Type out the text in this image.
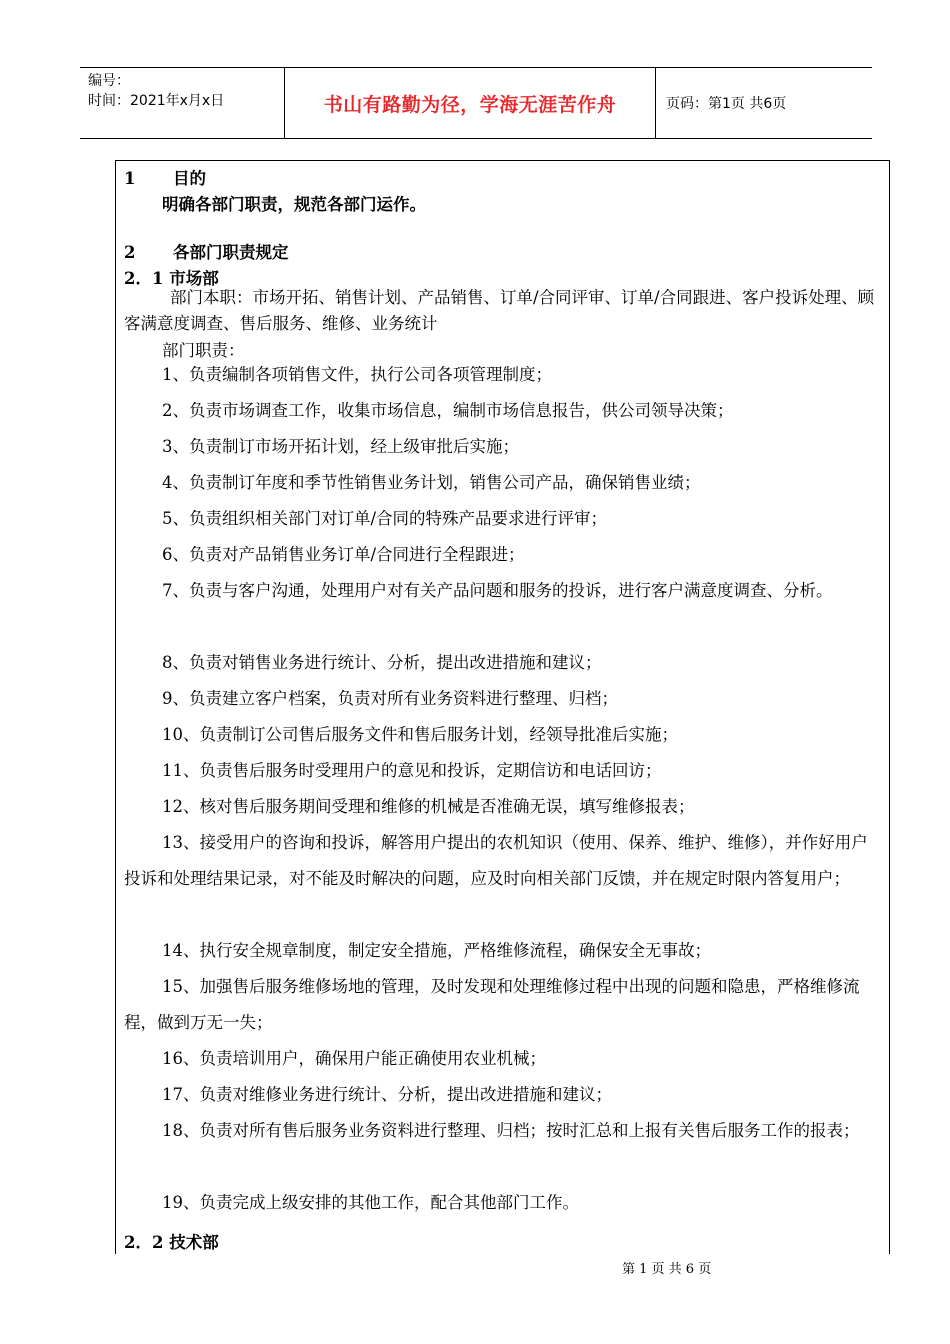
编号：
时间：2021年x月x日	书山有路勤为径，学海无涯苦作舟	页码：第1页 共6页
1 目的
明确各部门职责，规范各部门运作。
2 各部门职责规定
2．1 市场部
部门本职：市场开拓、销售计划、产品销售、订单/合同评审、订单/合同跟进、客户投诉处理、顾客满意度调查、售后服务、维修、业务统计
部门职责：
1、负责编制各项销售文件，执行公司各项管理制度；
2、负责市场调查工作，收集市场信息，编制市场信息报告，供公司领导决策；
3、负责制订市场开拓计划，经上级审批后实施；
4、负责制订年度和季节性销售业务计划，销售公司产品，确保销售业绩；
5、负责组织相关部门对订单/合同的特殊产品要求进行评审；
6、负责对产品销售业务订单/合同进行全程跟进；
7、负责与客户沟通，处理用户对有关产品问题和服务的投诉，进行客户满意度调查、分析。
8、负责对销售业务进行统计、分析，提出改进措施和建议；
9、负责建立客户档案，负责对所有业务资料进行整理、归档；
10、负责制订公司售后服务文件和售后服务计划，经领导批准后实施；
11、负责售后服务时受理用户的意见和投诉，定期信访和电话回访；
12、核对售后服务期间受理和维修的机械是否准确无误，填写维修报表；
13、接受用户的咨询和投诉，解答用户提出的农机知识（使用、保养、维护、维修），并作好用户投诉和处理结果记录，对不能及时解决的问题，应及时向相关部门反馈，并在规定时限内答复用户；
14、执行安全规章制度，制定安全措施，严格维修流程，确保安全无事故；
15、加强售后服务维修场地的管理，及时发现和处理维修过程中出现的问题和隐患，严格维修流程，做到万无一失；
16、负责培训用户，确保用户能正确使用农业机械；
17、负责对维修业务进行统计、分析，提出改进措施和建议；
18、负责对所有售后服务业务资料进行整理、归档；按时汇总和上报有关售后服务工作的报表；
19、负责完成上级安排的其他工作，配合其他部门工作。
2．2 技术部
第 1 页 共 6 页
